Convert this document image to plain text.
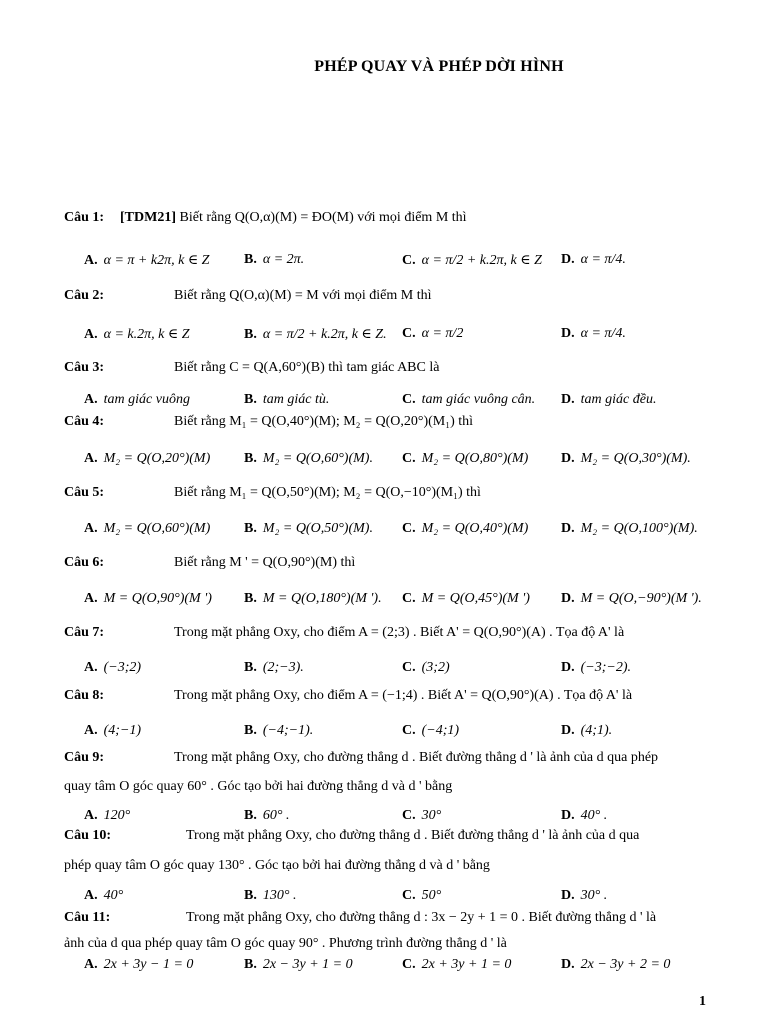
PHÉP QUAY VÀ PHÉP DỜI HÌNH
Câu 1: [TDM21] Biết rằng Q(O,α)(M) = ĐO(M) với mọi điểm M thì
A. α = π + k2π, k ∈ Z B. α = 2π.	C. α = π/2 + k.2π, k ∈ Z D. α = π/4.
Câu 2:	Biết rằng Q(O,α)(M) = M với mọi điểm M thì
A. α = k.2π, k ∈ Z	B. α = π/2 + k.2π, k ∈ Z. C. α = π/2	D. α = π/4.
Câu 3:	Biết rằng C = Q(A,60°)(B) thì tam giác ABC là
A. tam giác vuông	B. tam giác tù.	C. tam giác vuông cân. D. tam giác đều.
Câu 4:	Biết rằng M₁ = Q(O,40°)(M); M₂ = Q(O,20°)(M₁) thì
A. M₂ = Q(O,20°)(M) B. M₂ = Q(O,60°)(M). C. M₂ = Q(O,80°)(M) D. M₂ = Q(O,30°)(M).
Câu 5:	Biết rằng M₁ = Q(O,50°)(M); M₂ = Q(O,−10°)(M₁) thì
A. M₂ = Q(O,60°)(M) B. M₂ = Q(O,50°)(M). C. M₂ = Q(O,40°)(M) D. M₂ = Q(O,100°)(M).
Câu 6:	Biết rằng M ' = Q(O,90°)(M) thì
A. M = Q(O,90°)(M ') B. M = Q(O,180°)(M '). C. M = Q(O,45°)(M ') D. M = Q(O,−90°)(M ').
Câu 7:	Trong mặt phẳng Oxy, cho điểm A = (2;3) . Biết A' = Q(O,90°)(A) . Tọa độ A' là
A. (−3;2)	B. (2;−3).	C. (3;2)	D. (−3;−2).
Câu 8:	Trong mặt phẳng Oxy, cho điểm A = (−1;4) . Biết A' = Q(O,90°)(A) . Tọa độ A' là
A. (4;−1)	B. (−4;−1).	C. (−4;1)	D. (4;1).
Câu 9:	Trong mặt phẳng Oxy, cho đường thẳng d . Biết đường thẳng d ' là ảnh của d qua phép
quay tâm O góc quay 60° . Góc tạo bởi hai đường thẳng d và d ' bằng
A. 120°	B. 60° .	C. 30°	D. 40° .
Câu 10:	Trong mặt phẳng Oxy, cho đường thẳng d . Biết đường thẳng d ' là ảnh của d qua
phép quay tâm O góc quay 130° . Góc tạo bởi hai đường thẳng d và d ' bằng
A. 40°	B. 130° .	C. 50°	D. 30° .
Câu 11:	Trong mặt phẳng Oxy, cho đường thẳng d : 3x − 2y + 1 = 0 . Biết đường thẳng d ' là
ảnh của d qua phép quay tâm O góc quay 90° . Phương trình đường thẳng d ' là
A. 2x + 3y − 1 = 0	B. 2x − 3y + 1 = 0	C. 2x + 3y + 1 = 0	D. 2x − 3y + 2 = 0
1
